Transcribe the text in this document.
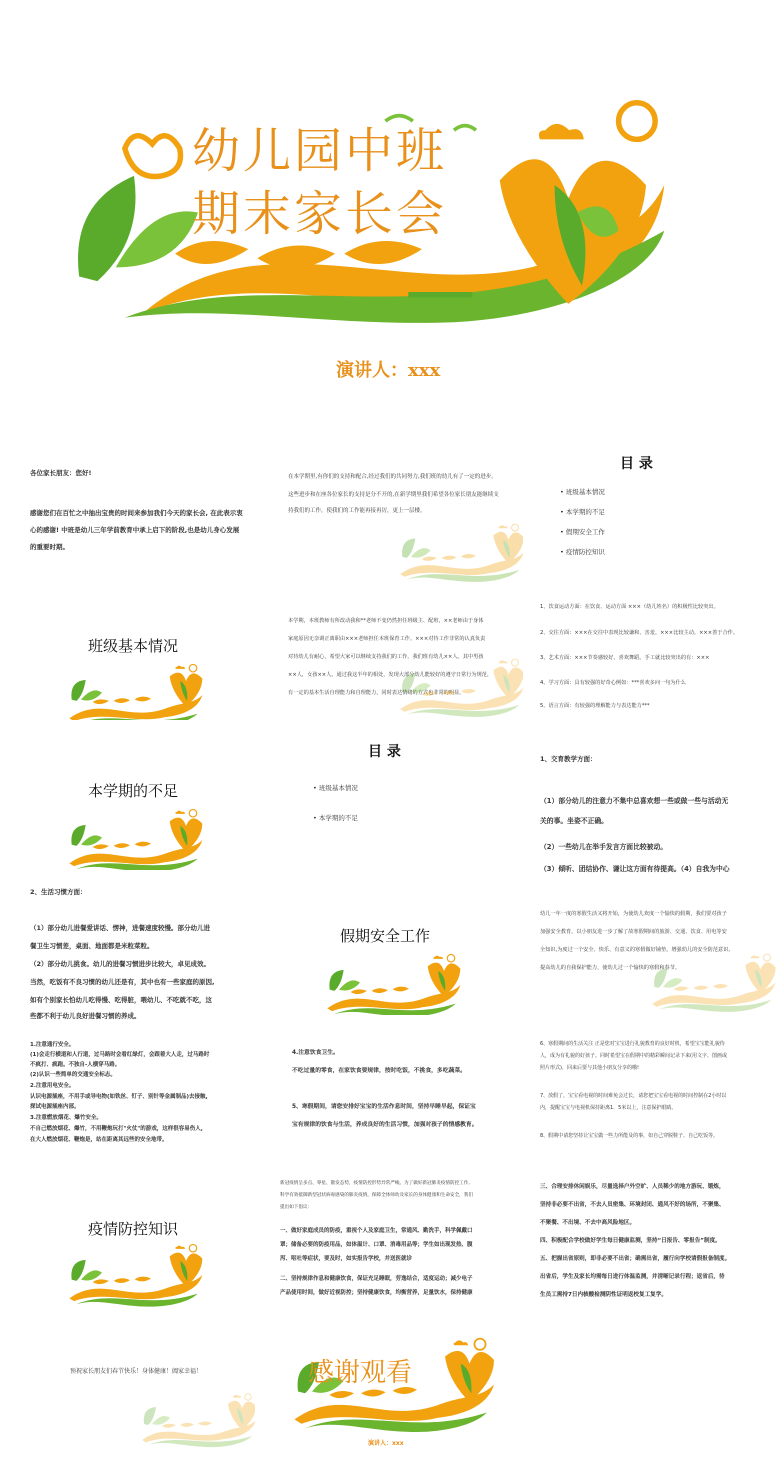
幼儿园中班
期末家长会
演讲人：xxx
各位家长朋友：您好!
感谢您们在百忙之中抽出宝贵的时间来参加我们今天的家长会, 在此表示衷
心的感谢! 中班是幼儿三年学前教育中承上启下的阶段,也是幼儿身心发展
的重要时期。
在本学期里,有你们的支持和配合,经过我们的共同努力,我们班的幼儿有了一定的进步。
这些进步和在座各位家长的支持是分不开的,在新学期里我们希望各位家长朋友能继续支
持我们的工作，使我们的工作能再接再厉，更上一层楼。
目 录
• 班级基本情况
• 本学期的不足
• 假期安全工作
• 疫情防控知识
班级基本情况
本学期，本班教师有所改动我和**老师不变仍然担任班级主、配班，××老师由于身体
家庭原因无奈调正离职由×××老师担任本班保育工作。×××对待工作非常的认真负责
对待幼儿有耐心，希望大家可以继续支持我们的工作。我们班有幼儿××人。其中男孩
××人，女孩××人。通过我这半年的相处，发现大部分幼儿能较好的遵守日常行为规范，
有一定的基本生活自理能力和自理能力，同时表达情绪的方式也非常的明显。
1、饮食运动方面：在饮食、运动方面 ×××（幼儿姓名）的积极性比较突出。
2、交往方面：×××在交往中表现比较谦和、害羞。×××比较主动。×××善于合作。
3、艺术方面：×××节奏感较好，喜欢舞蹈。手工就比较突出的有：×××
4、学习方面：具有较强的好奇心例如：***喜欢多问一句为什么
5、语言方面：有较强的理解能力与表达能力***
本学期的不足
目 录
• 班级基本情况
• 本学期的不足
1、交育教学方面：
（1）部分幼儿的注意力不集中总喜欢想一些或做一些与活动无
关的事。坐姿不正确。
（2）一些幼儿在举手发言方面比较被动。
（3）倾听、团结协作、谦让这方面有待提高。（4）自我为中心
2、生活习惯方面：
（1）部分幼儿进餐爱讲话、愣神，进餐速度较慢。部分幼儿进
餐卫生习惯差，桌面、地面都是米粒菜粒。
（2）部分幼儿挑食。幼儿的进餐习惯进步比较大，卓见成效。
当然，吃饭有不良习惯的幼儿还是有，其中也有一些家庭的原因,
如有个别家长怕幼儿吃得慢、吃得脏，喂幼儿、不吃就不吃，这
些都不利于幼儿良好进餐习惯的养成。
假期安全工作
幼儿一年一度的寒假生活又将开始，为使幼儿欢度一个愉快的假期，我们要对孩子
加强安全教育。以小朋友进一步了解了故寒假期间的旅游、交通、饮食、用电等安
全知识,为度过一个安全、快乐、有意义的寒假做好铺垫。增强幼儿的安全防范意识,
提高幼儿的自我保护能力，使幼儿过一个愉快的寒假和春节。
1.注意通行安全。
(1)会走行横道和人行道，过马路时会看红绿灯，会跟着大人走，过马路时
不疯打、疯跑。不独自-人横穿马路。
(2)认识一些简单的交通安全标志。
2.注意用电安全。
认识电源插座，不用手或导电物(如铁丝、钉子、别针等金属制品)去接触,
探试电源插座内部。
3.注意燃放烟花、爆竹安全。
不自己燃放烟花、爆竹，不用鞭炮玩打"火仗"的游戏，这样很容易伤人,
在大人燃放烟花、鞭炮是，站在距离其远些的安全地带。
4.注意饮食卫生。
不吃过量的零食，在家饮食要规律，按时吃饭，不挑食，多吃蔬菜。
5、寒假期间，请您安排好宝宝的生活作息时间，坚持早睡早起，保证宝
宝有规律的饮食与生活，养成良好的生活习惯，加强对孩子的情感教育。
6、寒假期间的生活关注 正是您对宝宝进行礼貌教育的良好时机，希望宝宝能礼貌待
人，成为有礼貌的好孩子。同时希望宝在假期中的精彩瞬间记录下来(用文字、图画或
照片形式)，回来后要与其他小朋友分享的哦!
7、放假了，宝宝看电视的时间难免会过长，请您把宝宝看电视的时间控制在2小时以
内，提醒宝宝与电视机保持距离1．5米以上，注意保护眼睛。
8、假期中请您坚持让宝宝做一些力所能及的事，如自己穿脱鞋子、自己吃饭等。
疫情防控知识
新冠疫情呈多点、零星、散发态势，疫情防控形势异常严峻。为了做好新冠肺炎疫情防控工作,
科学有效抵御新型冠状病毒感染的肺炎疫情，保障全体师幼及家长的身体健康和生命安全，我们
提出如下倡议：
一、做好家庭成员的防疫，重视个人及家庭卫生，常通风、勤洗手，科学佩戴口
罩；储备必要的防疫用品，如体温计、口罩、消毒用品等；学生如出现发热、腹
泻、呕吐等症状，要及时，如实报告学校，并送医就诊
二、坚持规律作息和健康饮食，保证充足睡眠，劳逸结合，适度运动；减少电子
产品使用时间，做好近视防控；坚持健康饮食，均衡营养，足量饮水，保持健康
三、合理安排休闲娱乐，尽量选择户外空旷、人员稀少的地方游玩、锻炼，
坚持非必要不出省，不去人员密集、环境封闭、通风不好的场所，不聚集、
不聚餐、不出境、不去中高风险地区。
四、积极配合学校做好学生每日健康监测，坚持“日报告、零报告”制度。
五、把握出省原则，即非必要不出省；确需出省，履行向学校请假报备制度。
出省后，学生及家长均需每日进行体温监测，并清晰记录行程；返省后，待
生员工需持7日内核酸检测阴性证明返校复工复学。
预祝家长朋友们春节快乐！身体健康！阖家幸福！	感谢观看
演讲人：xxx
